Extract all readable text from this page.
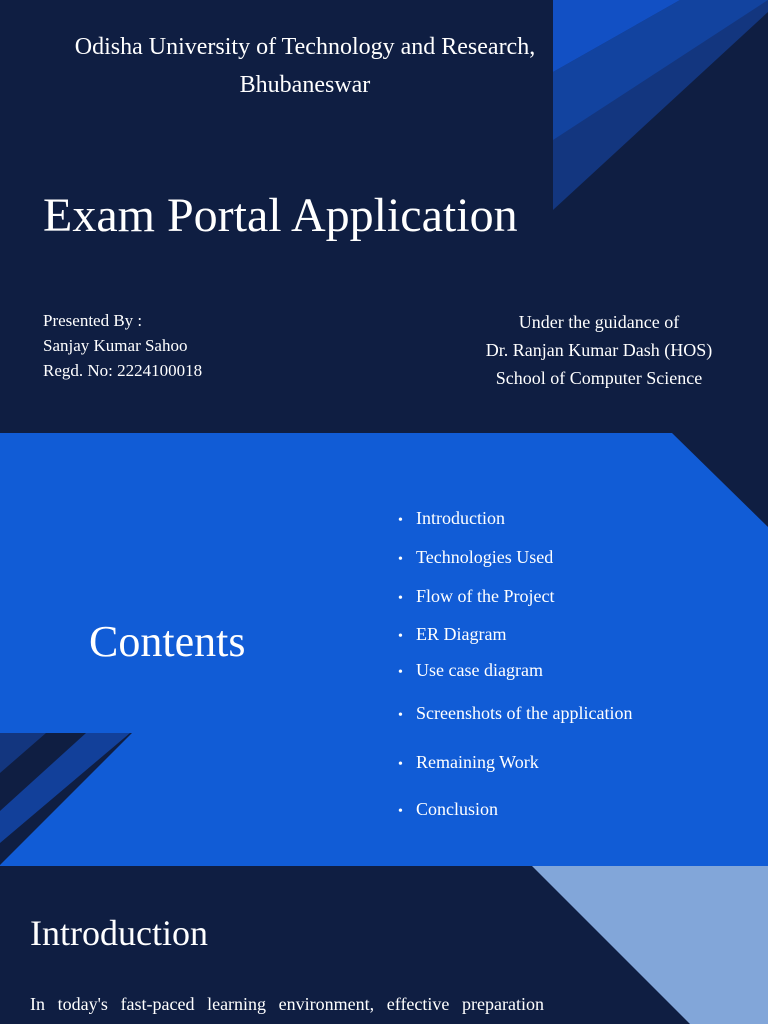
Odisha University of Technology and Research, Bhubaneswar
Exam Portal Application
Presented By :
Sanjay Kumar Sahoo
Regd. No: 2224100018
Under the guidance of
Dr. Ranjan Kumar Dash (HOS)
School of Computer Science
Contents
• Introduction
• Technologies Used
• Flow of the Project
• ER Diagram
• Use case diagram
• Screenshots of the application
• Remaining Work
• Conclusion
Introduction
In today's fast-paced learning environment, effective preparation
